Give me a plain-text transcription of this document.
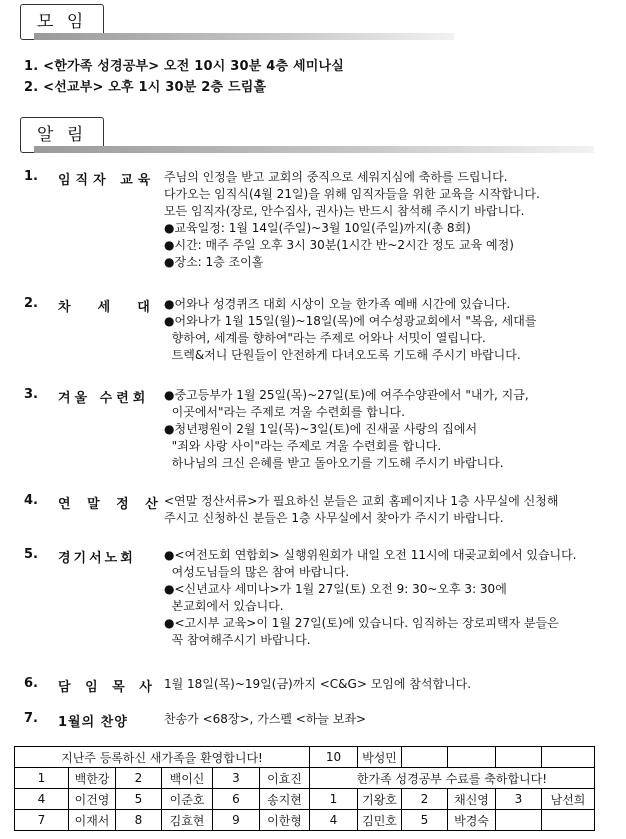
모 임
1. <한가족 성경공부> 오전 10시 30분 4층 세미나실
2. <선교부> 오후 1시 30분 2층 드림홀
알 림
1. 임직자 교육 주님의 인정을 받고 교회의 중직으로 세워지심에 축하를 드립니다.
다가오는 임직식(4월 21일)을 위해 임직자들을 위한 교육을 시작합니다.
모든 임직자(장로, 안수집사, 권사)는 반드시 참석해 주시기 바랍니다.
●교육일정: 1월 14일(주일)~3월 10일(주일)까지(총 8회)
●시간: 매주 주일 오후 3시 30분(1시간 반~2시간 정도 교육 예정)
●장소: 1층 조이홀
2. 차  세  대 ●어와나 성경퀴즈 대회 시상이 오늘 한가족 예배 시간에 있습니다.
●어와나가 1월 15일(월)~18일(목)에 여수성광교회에서 "복음, 세대를
향하여, 세계를 향하여"라는 주제로 어와나 서밋이 열립니다.
트렉&저니 단원들이 안전하게 다녀오도록 기도해 주시기 바랍니다.
3. 겨울 수련회 ●중고등부가 1월 25일(목)~27일(토)에 여주수양관에서 "내가, 지금,
이곳에서"라는 주제로 겨울 수련회를 합니다.
●청년평원이 2월 1일(목)~3일(토)에 진새골 사랑의 집에서
"죄와 사랑 사이"라는 주제로 겨울 수련회를 합니다.
하나님의 크신 은혜를 받고 돌아오기를 기도해 주시기 바랍니다.
4. 연 말 정 산 <연말 정산서류>가 필요하신 분들은 교회 홈페이지나 1층 사무실에 신청해
주시고 신청하신 분들은 1층 사무실에서 찾아가 주시기 바랍니다.
5. 경기서노회 ●<여전도회 연합회> 실행위원회가 내일 오전 11시에 대곶교회에서 있습니다.
여성도님들의 많은 참여 바랍니다.
●<신년교사 세미나>가 1월 27일(토) 오전 9: 30~오후 3: 30에
본교회에서 있습니다.
●<고시부 교육>이 1월 27일(토)에 있습니다. 임직하는 장로피택자 분들은
꼭 참여해주시기 바랍니다.
6. 담 임 목 사 1월 18일(목)~19일(금)까지 <C&G> 모임에 참석합니다.
7. 1월의 찬양	찬송가 <68장>, 가스펠 <하늘 보좌>
지난주 등록하신 새가족을 환영합니다!						10	박성민				
1	백한강	2	백이신	3	이효진	한가족 성경공부 수료를 축하합니다!					
4	이건영	5	이준호	6	송지현	1	기왕호	2	채신영	3	남선희
7	이재서	8	김효현	9	이한형	4	김민호	5	박경숙		
